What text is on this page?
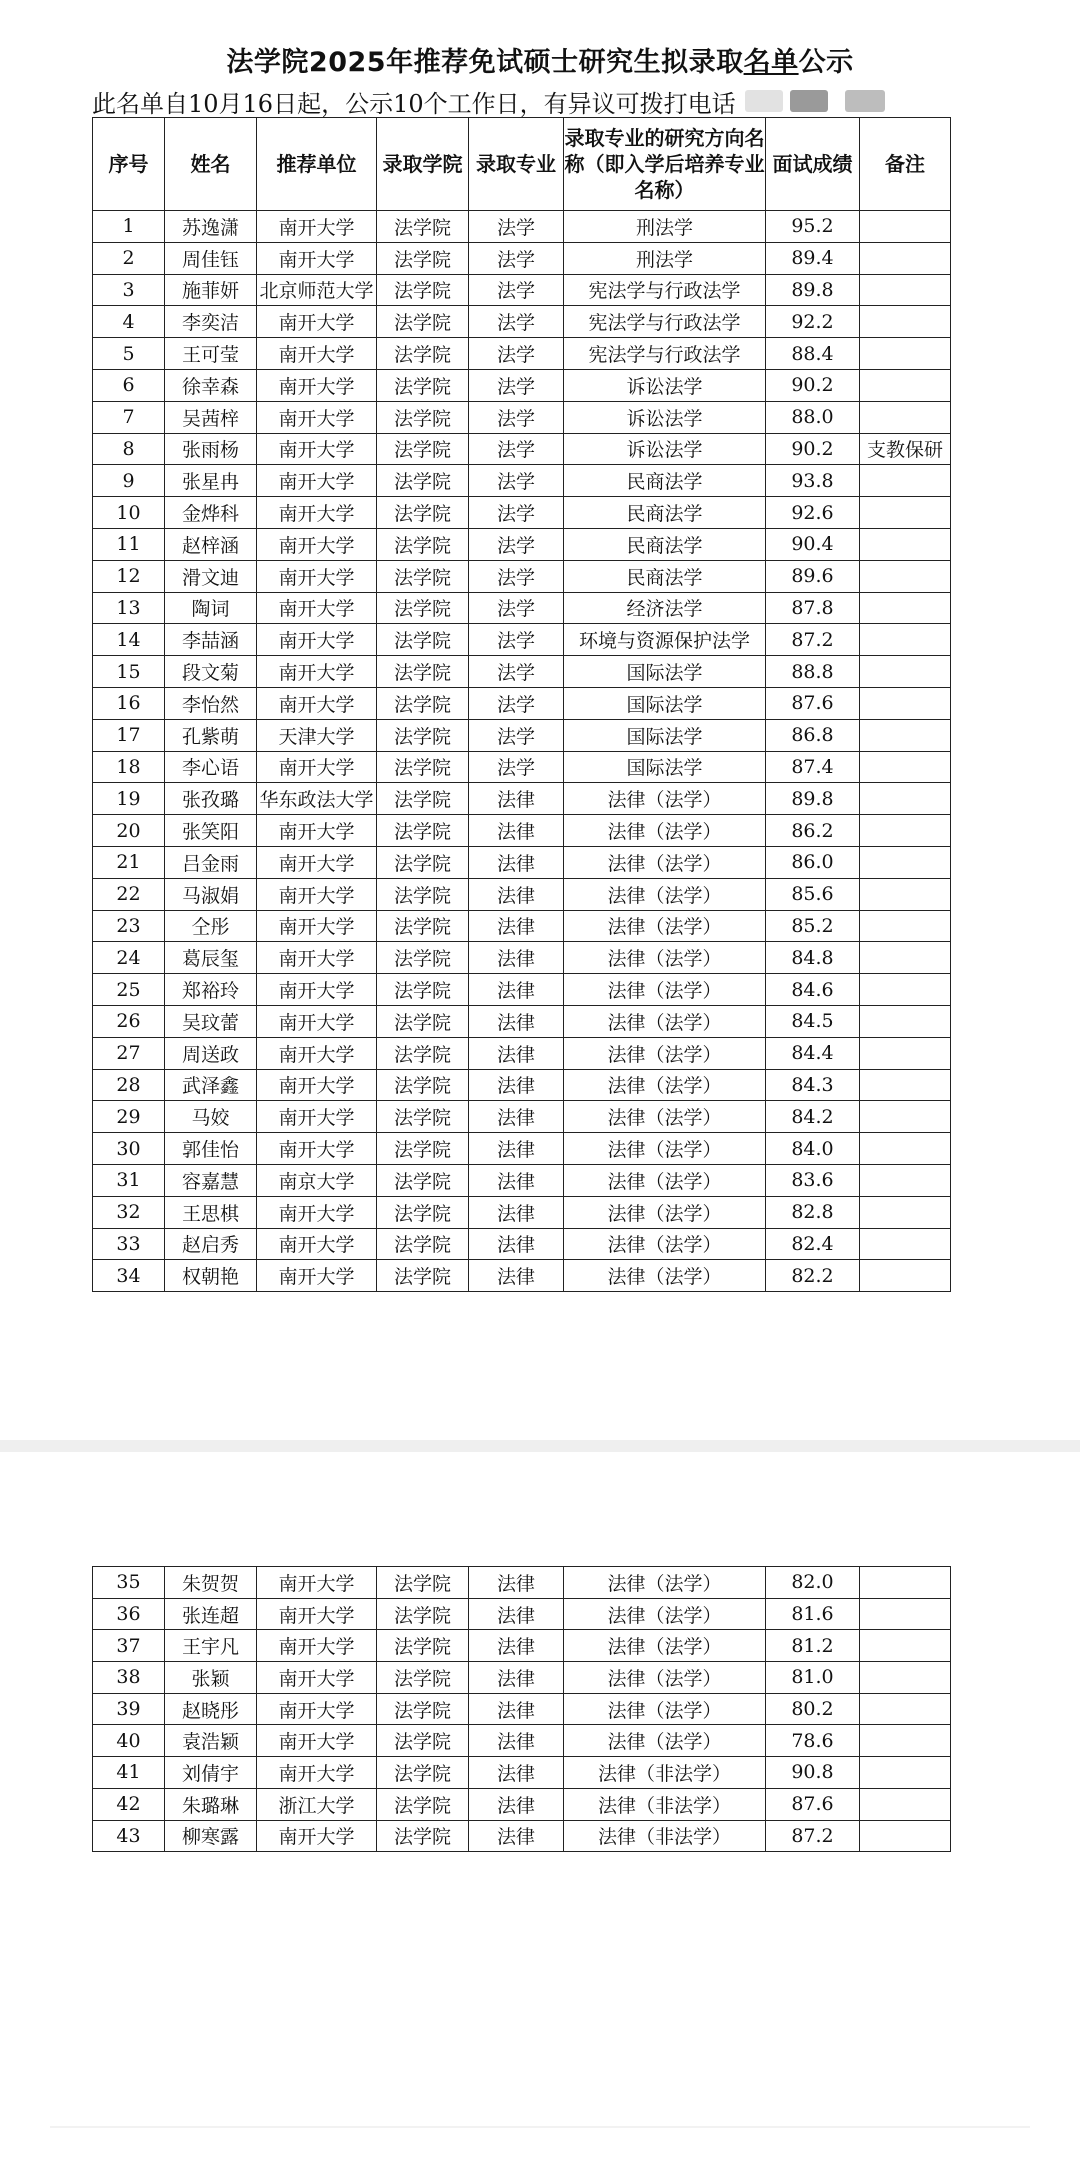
法学院2025年推荐免试硕士研究生拟录取名单公示
此名单自10月16日起，公示10个工作日，有异议可拨打电话
序号	姓名	推荐单位	录取学院	录取专业	录取专业的研究方向名称（即入学后培养专业名称）	面试成绩	备注
1	苏逸潇	南开大学	法学院	法学	刑法学	95.2	
2	周佳钰	南开大学	法学院	法学	刑法学	89.4	
3	施菲妍	北京师范大学	法学院	法学	宪法学与行政法学	89.8	
4	李奕洁	南开大学	法学院	法学	宪法学与行政法学	92.2	
5	王可莹	南开大学	法学院	法学	宪法学与行政法学	88.4	
6	徐幸森	南开大学	法学院	法学	诉讼法学	90.2	
7	吴茜梓	南开大学	法学院	法学	诉讼法学	88.0	
8	张雨杨	南开大学	法学院	法学	诉讼法学	90.2	支教保研
9	张星冉	南开大学	法学院	法学	民商法学	93.8	
10	金烨科	南开大学	法学院	法学	民商法学	92.6	
11	赵梓涵	南开大学	法学院	法学	民商法学	90.4	
12	滑文迪	南开大学	法学院	法学	民商法学	89.6	
13	陶词	南开大学	法学院	法学	经济法学	87.8	
14	李喆涵	南开大学	法学院	法学	环境与资源保护法学	87.2	
15	段文菊	南开大学	法学院	法学	国际法学	88.8	
16	李怡然	南开大学	法学院	法学	国际法学	87.6	
17	孔紫萌	天津大学	法学院	法学	国际法学	86.8	
18	李心语	南开大学	法学院	法学	国际法学	87.4	
19	张孜璐	华东政法大学	法学院	法律	法律（法学）	89.8	
20	张笑阳	南开大学	法学院	法律	法律（法学）	86.2	
21	吕金雨	南开大学	法学院	法律	法律（法学）	86.0	
22	马淑娟	南开大学	法学院	法律	法律（法学）	85.6	
23	仝彤	南开大学	法学院	法律	法律（法学）	85.2	
24	葛辰玺	南开大学	法学院	法律	法律（法学）	84.8	
25	郑裕玲	南开大学	法学院	法律	法律（法学）	84.6	
26	吴玟蕾	南开大学	法学院	法律	法律（法学）	84.5	
27	周送政	南开大学	法学院	法律	法律（法学）	84.4	
28	武泽鑫	南开大学	法学院	法律	法律（法学）	84.3	
29	马姣	南开大学	法学院	法律	法律（法学）	84.2	
30	郭佳怡	南开大学	法学院	法律	法律（法学）	84.0	
31	容嘉慧	南京大学	法学院	法律	法律（法学）	83.6	
32	王思棋	南开大学	法学院	法律	法律（法学）	82.8	
33	赵启秀	南开大学	法学院	法律	法律（法学）	82.4	
34	权朝艳	南开大学	法学院	法律	法律（法学）	82.2	
35	朱贺贺	南开大学	法学院	法律	法律（法学）	82.0	
36	张连超	南开大学	法学院	法律	法律（法学）	81.6	
37	王宇凡	南开大学	法学院	法律	法律（法学）	81.2	
38	张颖	南开大学	法学院	法律	法律（法学）	81.0	
39	赵晓彤	南开大学	法学院	法律	法律（法学）	80.2	
40	袁浩颖	南开大学	法学院	法律	法律（法学）	78.6	
41	刘倩宇	南开大学	法学院	法律	法律（非法学）	90.8	
42	朱璐琳	浙江大学	法学院	法律	法律（非法学）	87.6	
43	柳寒露	南开大学	法学院	法律	法律（非法学）	87.2	
